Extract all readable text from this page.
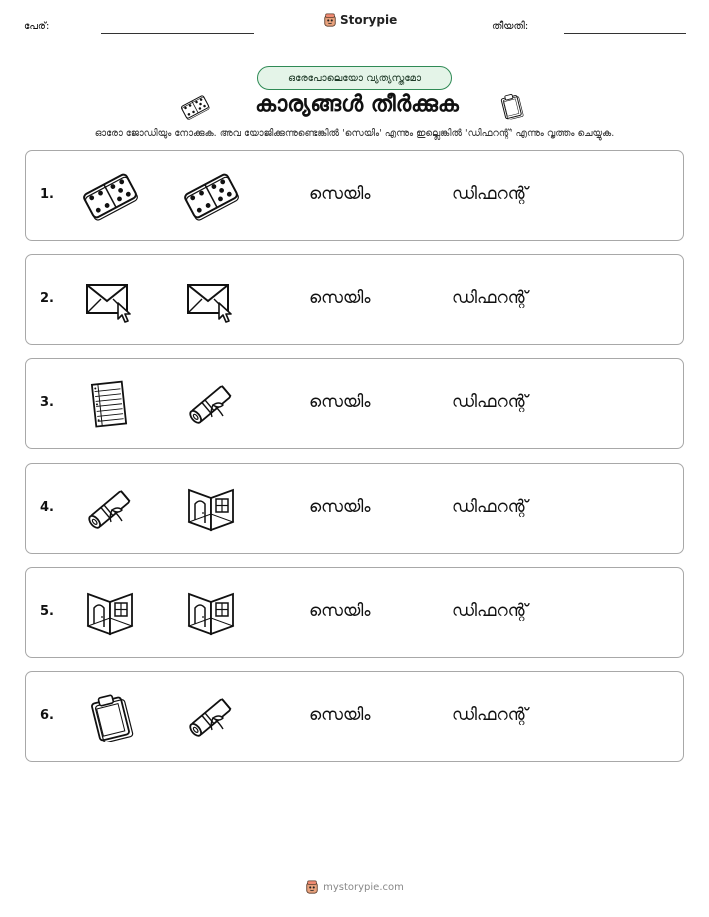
പേര്:	Storypie	തീയതി:
ഒരേപോലെയോ വ്യത്യസ്തമോ
കാര്യങ്ങൾ തീർക്കുക
ഓരോ ജോഡിയും നോക്കുക. അവ യോജിക്കുന്നുണ്ടെങ്കിൽ 'സെയിം' എന്നും ഇല്ലെങ്കിൽ 'ഡിഫറന്റ്' എന്നും വൃത്തം ചെയ്യുക.
1.	സെയിം	ഡിഫറന്റ്
2.	സെയിം	ഡിഫറന്റ്
3.	സെയിം	ഡിഫറന്റ്
4.	സെയിം	ഡിഫറന്റ്
5.	സെയിം	ഡിഫറന്റ്
6.	സെയിം	ഡിഫറന്റ്
mystorypie.com
